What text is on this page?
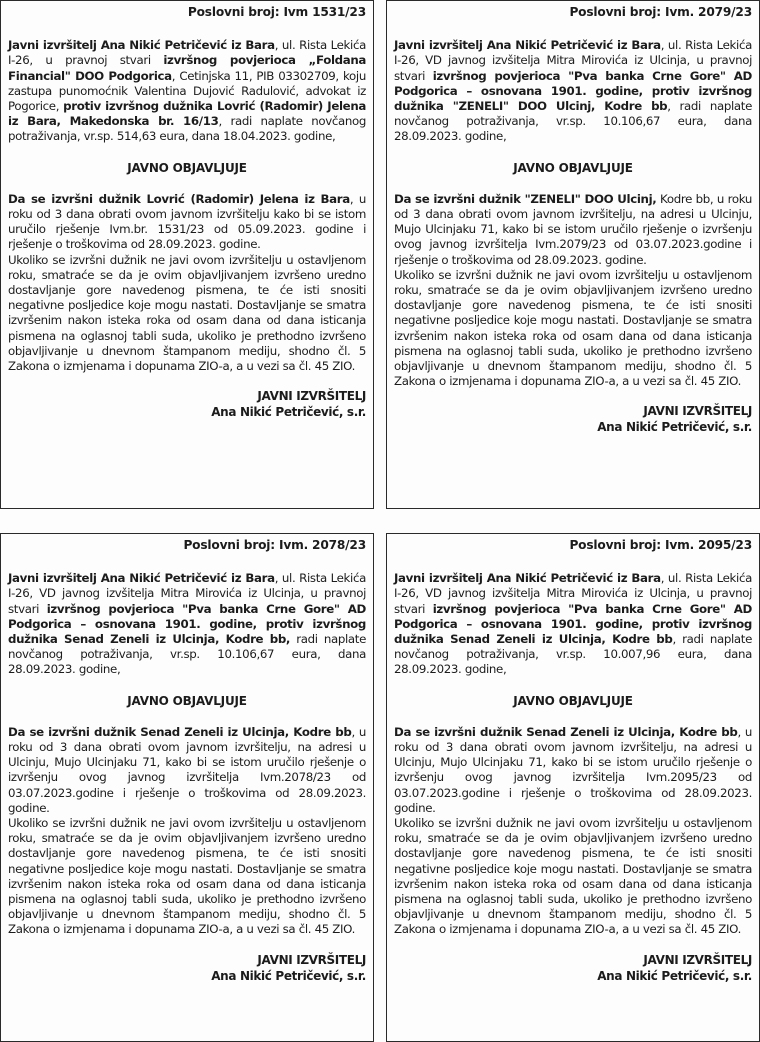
Poslovni broj: Ivm 1531/23

Javni izvršitelj Ana Nikić Petričević iz Bara, ul. Rista Lekića I-26, u pravnoj stvari izvršnog povjerioca „Foldana Financial" DOO Podgorica, Cetinjska 11, PIB 03302709, koju zastupa punomoćnik Valentina Dujović Radulović, advokat iz Pogorice, protiv izvršnog dužnika Lovrić (Radomir) Jelena iz Bara, Makedonska br. 16/13, radi naplate novčanog potraživanja, vr.sp. 514,63 eura, dana 18.04.2023. godine,

JAVNO OBJAVLJUJE

Da se izvršni dužnik Lovrić (Radomir) Jelena iz Bara, u roku od 3 dana obrati ovom javnom izvršitelju kako bi se istom uručilo rješenje Ivm.br. 1531/23 od 05.09.2023. godine i rješenje o troškovima od 28.09.2023. godine.

Ukoliko se izvršni dužnik ne javi ovom izvršitelju u ostavljenom roku, smatraće se da je ovim objavljivanjem izvršeno uredno dostavljanje gore navedenog pismena, te će isti snositi negativne posljedice koje mogu nastati. Dostavljanje se smatra izvršenim nakon isteka roka od osam dana od dana isticanja pismena na oglasnoj tabli suda, ukoliko je prethodno izvršeno objavljivanje u dnevnom štampanom mediju, shodno čl. 5 Zakona o izmjenama i dopunama ZIO-a, a u vezi sa čl. 45 ZIO.

JAVNI IZVRŠITELJ
Ana Nikić Petričević, s.r.
Poslovni broj: Ivm. 2079/23

Javni izvršitelj Ana Nikić Petričević iz Bara, ul. Rista Lekića I-26, VD javnog izvšitelja Mitra Mirovića iz Ulcinja, u pravnoj stvari izvršnog povjerioca "Pva banka Crne Gore" AD Podgorica – osnovana 1901. godine, protiv izvršnog dužnika "ZENELI" DOO Ulcinj, Kodre bb, radi naplate novčanog potraživanja, vr.sp. 10.106,67 eura, dana 28.09.2023. godine,

JAVNO OBJAVLJUJE

Da se izvršni dužnik "ZENELI" DOO Ulcinj, Kodre bb, u roku od 3 dana obrati ovom javnom izvršitelju, na adresi u Ulcinju, Mujo Ulcinjaku 71, kako bi se istom uručilo rješenje o izvršenju ovog javnog izvršitelja Ivm.2079/23 od 03.07.2023.godine i rješenje o troškovima od 28.09.2023. godine.

Ukoliko se izvršni dužnik ne javi ovom izvršitelju u ostavljenom roku, smatraće se da je ovim objavljivanjem izvršeno uredno dostavljanje gore navedenog pismena, te će isti snositi negativne posljedice koje mogu nastati. Dostavljanje se smatra izvršenim nakon isteka roka od osam dana od dana isticanja pismena na oglasnoj tabli suda, ukoliko je prethodno izvršeno objavljivanje u dnevnom štampanom mediju, shodno čl. 5 Zakona o izmjenama i dopunama ZIO-a, a u vezi sa čl. 45 ZIO.

JAVNI IZVRŠITELJ
Ana Nikić Petričević, s.r.
Poslovni broj: Ivm. 2078/23

Javni izvršitelj Ana Nikić Petričević iz Bara, ul. Rista Lekića I-26, VD javnog izvšitelja Mitra Mirovića iz Ulcinja, u pravnoj stvari izvršnog povjerioca "Pva banka Crne Gore" AD Podgorica – osnovana 1901. godine, protiv izvršnog dužnika Senad Zeneli iz Ulcinja, Kodre bb, radi naplate novčanog potraživanja, vr.sp. 10.106,67 eura, dana 28.09.2023. godine,

JAVNO OBJAVLJUJE

Da se izvršni dužnik Senad Zeneli iz Ulcinja, Kodre bb, u roku od 3 dana obrati ovom javnom izvršitelju, na adresi u Ulcinju, Mujo Ulcinjaku 71, kako bi se istom uručilo rješenje o izvršenju ovog javnog izvršitelja Ivm.2078/23 od 03.07.2023.godine i rješenje o troškovima od 28.09.2023. godine.

Ukoliko se izvršni dužnik ne javi ovom izvršitelju u ostavljenom roku, smatraće se da je ovim objavljivanjem izvršeno uredno dostavljanje gore navedenog pismena, te će isti snositi negativne posljedice koje mogu nastati. Dostavljanje se smatra izvršenim nakon isteka roka od osam dana od dana isticanja pismena na oglasnoj tabli suda, ukoliko je prethodno izvršeno objavljivanje u dnevnom štampanom mediju, shodno čl. 5 Zakona o izmjenama i dopunama ZIO-a, a u vezi sa čl. 45 ZIO.

JAVNI IZVRŠITELJ
Ana Nikić Petričević, s.r.
Poslovni broj: Ivm. 2095/23

Javni izvršitelj Ana Nikić Petričević iz Bara, ul. Rista Lekića I-26, VD javnog izvšitelja Mitra Mirovića iz Ulcinja, u pravnoj stvari izvršnog povjerioca "Pva banka Crne Gore" AD Podgorica – osnovana 1901. godine, protiv izvršnog dužnika Senad Zeneli iz Ulcinja, Kodre bb, radi naplate novčanog potraživanja, vr.sp. 10.007,96 eura, dana 28.09.2023. godine,

JAVNO OBJAVLJUJE

Da se izvršni dužnik Senad Zeneli iz Ulcinja, Kodre bb, u roku od 3 dana obrati ovom javnom izvršitelju, na adresi u Ulcinju, Mujo Ulcinjaku 71, kako bi se istom uručilo rješenje o izvršenju ovog javnog izvršitelja Ivm.2095/23 od 03.07.2023.godine i rješenje o troškovima od 28.09.2023. godine.

Ukoliko se izvršni dužnik ne javi ovom izvršitelju u ostavljenom roku, smatraće se da je ovim objavljivanjem izvršeno uredno dostavljanje gore navedenog pismena, te će isti snositi negativne posljedice koje mogu nastati. Dostavljanje se smatra izvršenim nakon isteka roka od osam dana od dana isticanja pismena na oglasnoj tabli suda, ukoliko je prethodno izvršeno objavljivanje u dnevnom štampanom mediju, shodno čl. 5 Zakona o izmjenama i dopunama ZIO-a, a u vezi sa čl. 45 ZIO.

JAVNI IZVRŠITELJ
Ana Nikić Petričević, s.r.
